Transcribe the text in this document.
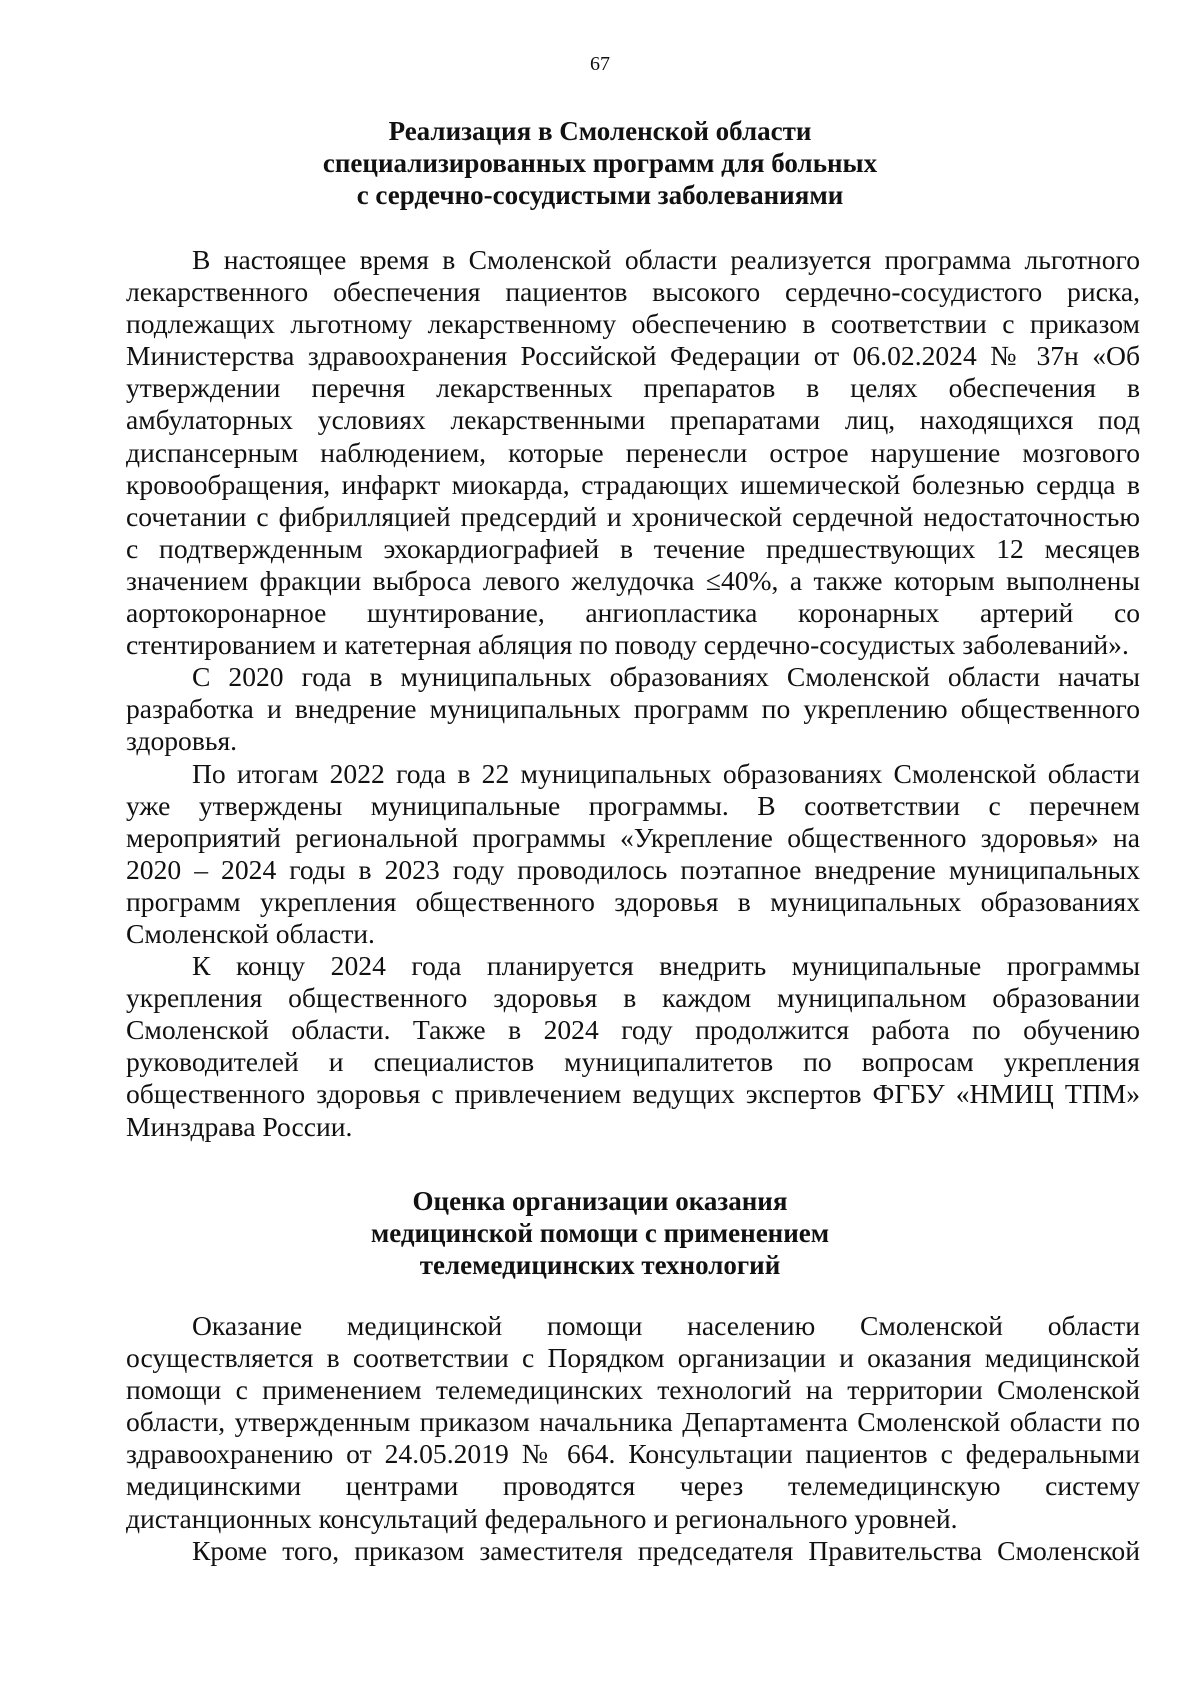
67
Реализация в Смоленской области
специализированных программ для больных
с сердечно-сосудистыми заболеваниями
В настоящее время в Смоленской области реализуется программа льготного
лекарственного обеспечения пациентов высокого сердечно-сосудистого риска,
подлежащих льготному лекарственному обеспечению в соответствии с приказом
Министерства здравоохранения Российской Федерации от 06.02.2024 № 37н «Об
утверждении перечня лекарственных препаратов в целях обеспечения в
амбулаторных условиях лекарственными препаратами лиц, находящихся под
диспансерным наблюдением, которые перенесли острое нарушение мозгового
кровообращения, инфаркт миокарда, страдающих ишемической болезнью сердца в
сочетании с фибрилляцией предсердий и хронической сердечной недостаточностью
с подтвержденным эхокардиографией в течение предшествующих 12 месяцев
значением фракции выброса левого желудочка ≤40%, а также которым выполнены
аортокоронарное шунтирование, ангиопластика коронарных артерий со
стентированием и катетерная абляция по поводу сердечно-сосудистых заболеваний».
С 2020 года в муниципальных образованиях Смоленской области начаты
разработка и внедрение муниципальных программ по укреплению общественного
здоровья.
По итогам 2022 года в 22 муниципальных образованиях Смоленской области
уже утверждены муниципальные программы. В соответствии с перечнем
мероприятий региональной программы «Укрепление общественного здоровья» на
2020 – 2024 годы в 2023 году проводилось поэтапное внедрение муниципальных
программ укрепления общественного здоровья в муниципальных образованиях
Смоленской области.
К концу 2024 года планируется внедрить муниципальные программы
укрепления общественного здоровья в каждом муниципальном образовании
Смоленской области. Также в 2024 году продолжится работа по обучению
руководителей и специалистов муниципалитетов по вопросам укрепления
общественного здоровья с привлечением ведущих экспертов ФГБУ «НМИЦ ТПМ»
Минздрава России.
Оценка организации оказания
медицинской помощи с применением
телемедицинских технологий
Оказание медицинской помощи населению Смоленской области
осуществляется в соответствии с Порядком организации и оказания медицинской
помощи с применением телемедицинских технологий на территории Смоленской
области, утвержденным приказом начальника Департамента Смоленской области по
здравоохранению от 24.05.2019 № 664. Консультации пациентов с федеральными
медицинскими центрами проводятся через телемедицинскую систему
дистанционных консультаций федерального и регионального уровней.
Кроме того, приказом заместителя председателя Правительства Смоленской
